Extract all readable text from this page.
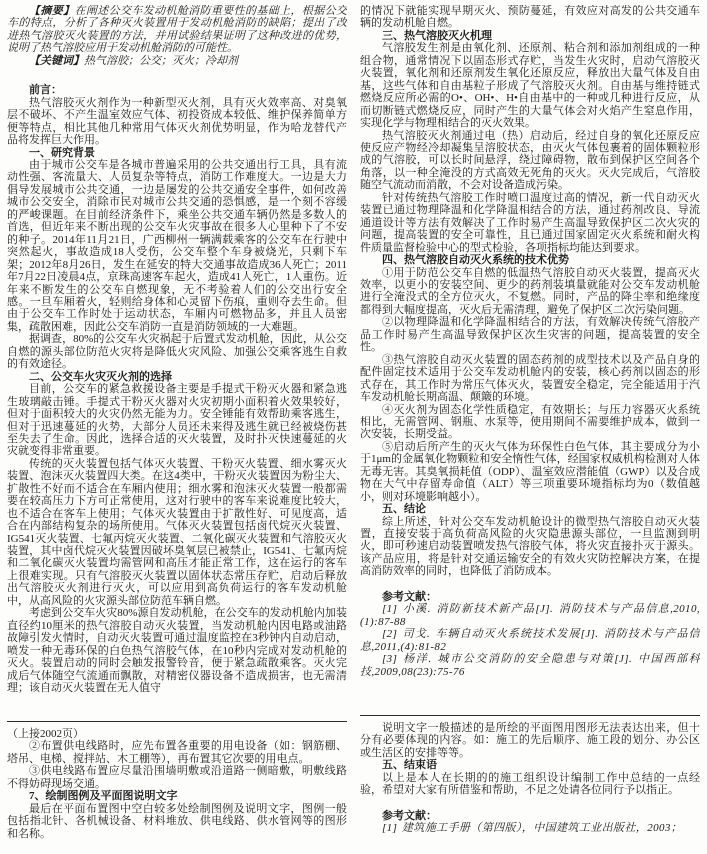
【摘要】在阐述公交车发动机舱消防重要性的基础上，根据公交车的特点，分析了各种灭火装置用于发动机舱消防的缺陷；提出了改进热气溶胶灭火装置的方法，并用试验结果证明了这种改进的优势，说明了热气溶胶应用于发动机舱消防的可能性。

【关键词】热气溶胶；公交；灭火；冷却剂

前言：
热气溶胶灭火剂作为一种新型灭火剂，具有灭火效率高、对臭氧层不破坏、不产生温室效应气体、初投资成本较低、维护保养简单方便等特点，相比其他几种常用气体灭火剂优势明显，作为哈龙替代产品将发挥巨大作用。
一、研究背景
由于城市公交车是各城市普遍采用的公共交通出行工具，具有流动性强、客流量大、人员复杂等特点，消防工作难度大。一边是大力倡导发展城市公共交通，一边是屡发的公共交通安全事件，如何改善城市公交安全，消除市民对城市公共交通的恐惧感，是一个刻不容缓的严峻课题。在目前经济条件下，乘坐公共交通车辆仍然是多数人的首选，但近年来不断出现的公交车火灾事故在很多人心里种下了不安的种子。2014年11月21日，广西柳州一辆满载乘客的公交车在行驶中突然起火，事故造成18人受伤，公交车整个车身被烧光，只剩下车架；2012年8月26日，发生在延安的特大交通事故造成36人死亡；2011年7月22日凌晨4点，京珠高速客车起火，造成41人死亡，1人重伤。近年来不断发生的公交车自燃现象，无不考验着人们的公交出行安全感。一旦车厢着火，轻则给身体和心灵留下伤痕，重则夺去生命。但由于公交车工作时处于运动状态，车厢内可燃物品多，并且人员密集，疏散困难，因此公交车消防一直是消防领域的一大难题。
据调查，80%的公交车火灾祸起于后置式发动机舱，因此，从公交自燃的源头部位防范火灾将是降低火灾风险、加强公交乘客逃生自救的有效途径。
二、公交车火灾灭火剂的选择
目前，公交车的紧急救援设备主要是手提式干粉灭火器和紧急逃生玻璃敲击锤。手提式干粉灭火器对火灾初期小面积着火效果较好，但对于面积较大的火灾仍然无能为力。安全锤能有效帮助乘客逃生，但对于迅速蔓延的火势，大部分人员还未来得及逃生就已经被烧伤甚至失去了生命。因此，选择合适的灭火装置，及时扑灭快速蔓延的火灾就变得非常重要。
传统的灭火装置包括气体灭火装置、干粉灭火装置、细水雾灭火装置、泡沫灭火装置四大类。在这4类中，干粉灭火装置因为粉尘大、扩散性不好而不适合在车厢内使用；细水雾和泡沫灭火装置一般都需要在较高压力下方可正常使用，这对行驶中的客车来说难度比较大，也不适合在客车上使用；气体灭火装置由于扩散性好、可见度高，适合在内部结构复杂的场所使用。气体灭火装置包括卤代烷灭火装置、IG541灭火装置、七氟丙烷灭火装置、二氧化碳灭火装置和气溶胶灭火装置，其中卤代烷灭火装置因破坏臭氧层已被禁止，IG541、七氟丙烷和二氧化碳灭火装置均需管网和高压才能正常工作，这在运行的客车上很难实现。只有气溶胶灭火装置以固体状态常压存贮，启动后释放出气溶胶灭火剂进行灭火，可以应用到高负荷运行的客车发动机舱中，从高风险的火灾源头部位防范车辆自燃。
考虑到公交车火灾80%源自发动机舱，在公交车的发动机舱内加装直径约10厘米的热气溶胶自动灭火装置，当发动机舱内因电路或油路故障引发火情时，自动灭火装置可通过温度监控在3秒钟内自动启动，喷发一种无毒环保的白色热气溶胶气体，在10秒内完成对发动机舱的灭火。装置启动的同时会触发报警铃音，便于紧急疏散乘客。灭火完成后气体随空气流通而飘散，对精密仪器设备不造成损害，也无需清理；该自动灭火装置在无人值守

（上接2002页）

②布置供电线路时，应先布置各重要的用电设备（如：钢筋棚、塔吊、电梯、搅拌站、木工棚等），再布置其它次要的用电点。
③供电线路布置应尽量沿围墙明敷或沿道路一侧暗敷，明敷线路不得妨碍现场交通。
7、绘制图例及平面图说明文字
最后在平面布置图中空白较多处绘制图例及说明文字，图例一般包括指北针、各机械设备、材料堆放、供电线路、供水管网等的图形和名称。
的情况下就能实现早期灭火、预防蔓延，有效应对高发的公共交通车辆的发动机舱自燃。
三、热气溶胶灭火机理
气溶胶发生剂是由氧化剂、还原剂、粘合剂和添加剂组成的一种组合物，通常情况下以固态形式存贮，当发生火灾时，启动气溶胶灭火装置，氧化剂和还原剂发生氧化还原反应，释放出大量气体及自由基，这些气体和自由基粒子形成了气溶胶灭火剂。自由基与维持链式燃烧反应所必需的O•、OH•、H•自由基中的一种或几种进行反应，从而切断链式燃烧反应，同时产生的大量气体会对火焰产生窒息作用，实现化学与物理相结合的灭火效果。
热气溶胶灭火剂通过电（热）启动后，经过自身的氧化还原反应使反应产物经冷却凝集呈溶胶状态，由灭火气体包裹着的固体颗粒形成的气溶胶，可以长时间悬浮，绕过障碍物，散布到保护区空间各个角落，以一种全淹没的方式高效无死角的灭火。灭火完成后，气溶胶随空气流动而消散，不会对设备造成污染。
针对传统热气溶胶工作时喷口温度过高的情况，新一代自动灭火装置已通过物理降温和化学降温相结合的方法，通过药剂改良、导流通道设计等方法有效解决了工作时易产生高温导致保护区二次火灾的问题，提高装置的安全可靠性，且已通过国家固定灭火系统和耐火构件质量监督检验中心的型式检验，各项指标均能达到要求。
四、热气溶胶自动灭火系统的技术优势
①用于防范公交车自燃的低温热气溶胶自动灭火装置，提高灭火效率，以更小的安装空间、更少的药剂装填量就能对公交车发动机舱进行全淹没式的全方位灭火，不复燃。同时，产品的降尘率和绝缘度都得到大幅度提高，灭火后无需清理，避免了保护区二次污染问题。
②以物理降温和化学降温相结合的方法，有效解决传统气溶胶产品工作时易产生高温导致保护区次生灾害的问题，提高装置的安全性。
③热气溶胶自动灭火装置的固态药剂的成型技术以及产品自身的配件固定技术适用于公交车发动机舱内的安装，核心药剂以固态的形式存在，其工作时为常压气体灭火，装置安全稳定，完全能适用于汽车发动机舱长期高温、颠簸的环境。
④灭火剂为固态化学性质稳定，有效期长；与压力容器灭火系统相比，无需管网、钢瓶、水泵等，使用期间不需要维护成本，做到一次安装，长期受益。
⑤启动后所产生的灭火气体为环保性白色气体，其主要成分为小于1μm的金属氧化物颗粒和安全惰性气体，经国家权威机构检测对人体无毒无害。其臭氧损耗值（ODP）、温室效应潜能值（GWP）以及合成物在大气中存留寿命值（ALT）等三项重要环境指标均为0（数值越小，则对环境影响越小）。
五、结论
综上所述，针对公交车发动机舱设计的微型热气溶胶自动灭火装置，直接安装于高负荷高风险的火灾隐患源头部位，一旦监测到明火，即可秒速启动装置喷发热气溶胶气体，将火灾直接扑灭于源头。该产品应用，将是针对交通运输安全的有效火灾防控解决方案，在提高消防效率的同时，也降低了消防成本。
参考文献：
[1] 小溪. 消防新技术新产品[J]. 消防技术与产品信息,2010,(1):87-88
[2] 司戈. 车辆自动灭火系统技术发展[J]. 消防技术与产品信息,2011,(4):81-82
[3] 杨洋. 城市公交消防的安全隐患与对策[J]. 中国西部科技,2009,08(23):75-76
说明文字一般描述的是所绘的平面图用图形无法表达出来，但十分有必要体现的内容。如：施工的先后顺序、施工段的划分、办公区或生活区的安排等等。
五、结束语
以上是本人在长期的的施工组织设计编制工作中总结的一点经验，希望对大家有所借鉴和帮助，不足之处请各位同行予以指正。
参考文献：
[1] 建筑施工手册（第四版），中国建筑工业出版社，2003；
